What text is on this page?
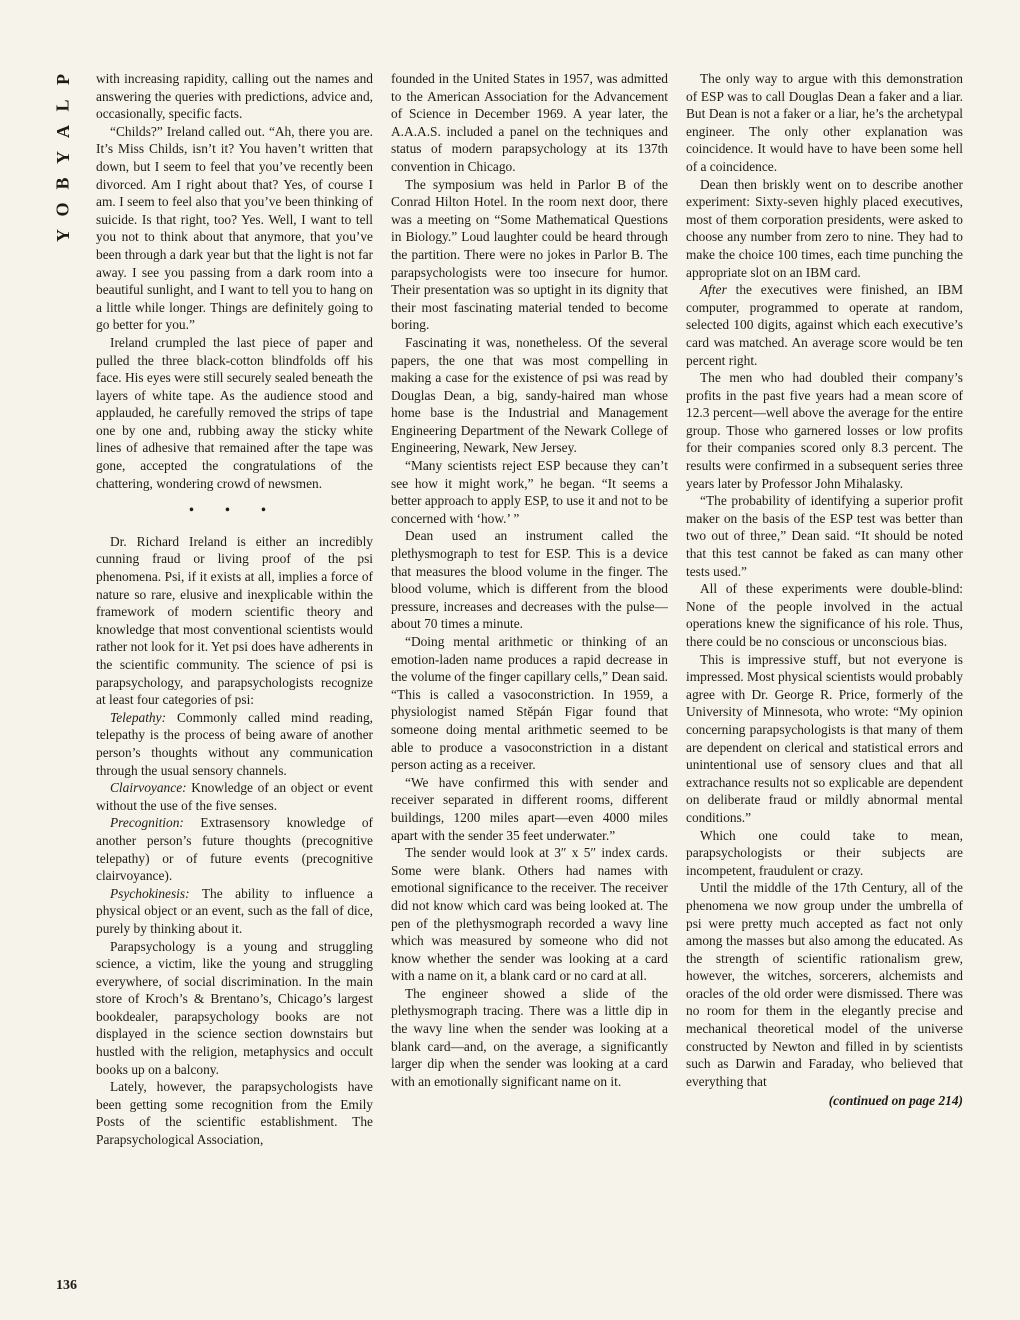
P
L
A
Y
B
O
Y

with increasing rapidity, calling out the names and answering the queries with predictions, advice and, occasionally, specific facts.

“Childs?” Ireland called out. “Ah, there you are. It’s Miss Childs, isn’t it? You haven’t written that down, but I seem to feel that you’ve recently been divorced. Am I right about that? Yes, of course I am. I seem to feel also that you’ve been thinking of suicide. Is that right, too? Yes. Well, I want to tell you not to think about that anymore, that you’ve been through a dark year but that the light is not far away. I see you passing from a dark room into a beautiful sunlight, and I want to tell you to hang on a little while longer. Things are definitely going to go better for you.”

Ireland crumpled the last piece of paper and pulled the three black-cotton blindfolds off his face. His eyes were still securely sealed beneath the layers of white tape. As the audience stood and applauded, he carefully removed the strips of tape one by one and, rubbing away the sticky white lines of adhesive that remained after the tape was gone, accepted the congratulations of the chattering, wondering crowd of newsmen.

• • •

Dr. Richard Ireland is either an incredibly cunning fraud or living proof of the psi phenomena. Psi, if it exists at all, implies a force of nature so rare, elusive and inexplicable within the framework of modern scientific theory and knowledge that most conventional scientists would rather not look for it. Yet psi does have adherents in the scientific community. The science of psi is parapsychology, and parapsychologists recognize at least four categories of psi:

Telepathy: Commonly called mind reading, telepathy is the process of being aware of another person’s thoughts without any communication through the usual sensory channels.

Clairvoyance: Knowledge of an object or event without the use of the five senses.

Precognition: Extrasensory knowledge of another person’s future thoughts (precognitive telepathy) or of future events (precognitive clairvoyance).

Psychokinesis: The ability to influence a physical object or an event, such as the fall of dice, purely by thinking about it.

Parapsychology is a young and struggling science, a victim, like the young and struggling everywhere, of social discrimination. In the main store of Kroch’s & Brentano’s, Chicago’s largest bookdealer, parapsychology books are not displayed in the science section downstairs but hustled with the religion, metaphysics and occult books up on a balcony.

Lately, however, the parapsychologists have been getting some recognition from the Emily Posts of the scientific establishment. The Parapsychological Association,

founded in the United States in 1957, was admitted to the American Association for the Advancement of Science in December 1969. A year later, the A.A.A.S. included a panel on the techniques and status of modern parapsychology at its 137th convention in Chicago.

The symposium was held in Parlor B of the Conrad Hilton Hotel. In the room next door, there was a meeting on “Some Mathematical Questions in Biology.” Loud laughter could be heard through the partition. There were no jokes in Parlor B. The parapsychologists were too insecure for humor. Their presentation was so uptight in its dignity that their most fascinating material tended to become boring.

Fascinating it was, nonetheless. Of the several papers, the one that was most compelling in making a case for the existence of psi was read by Douglas Dean, a big, sandy-haired man whose home base is the Industrial and Management Engineering Department of the Newark College of Engineering, Newark, New Jersey.

“Many scientists reject ESP because they can’t see how it might work,” he began. “It seems a better approach to apply ESP, to use it and not to be concerned with ‘how.’ ”

Dean used an instrument called the plethysmograph to test for ESP. This is a device that measures the blood volume in the finger. The blood volume, which is different from the blood pressure, increases and decreases with the pulse—about 70 times a minute.

“Doing mental arithmetic or thinking of an emotion-laden name produces a rapid decrease in the volume of the finger capillary cells,” Dean said. “This is called a vasoconstriction. In 1959, a physiologist named Stĕpán Figar found that someone doing mental arithmetic seemed to be able to produce a vasoconstriction in a distant person acting as a receiver.

“We have confirmed this with sender and receiver separated in different rooms, different buildings, 1200 miles apart—even 4000 miles apart with the sender 35 feet underwater.”

The sender would look at 3″ x 5″ index cards. Some were blank. Others had names with emotional significance to the receiver. The receiver did not know which card was being looked at. The pen of the plethysmograph recorded a wavy line which was measured by someone who did not know whether the sender was looking at a card with a name on it, a blank card or no card at all.

The engineer showed a slide of the plethysmograph tracing. There was a little dip in the wavy line when the sender was looking at a blank card—and, on the average, a significantly larger dip when the sender was looking at a card with an emotionally significant name on it.

The only way to argue with this demonstration of ESP was to call Douglas Dean a faker and a liar. But Dean is not a faker or a liar, he’s the archetypal engineer. The only other explanation was coincidence. It would have to have been some hell of a coincidence.

Dean then briskly went on to describe another experiment: Sixty-seven highly placed executives, most of them corporation presidents, were asked to choose any number from zero to nine. They had to make the choice 100 times, each time punching the appropriate slot on an IBM card.

After the executives were finished, an IBM computer, programmed to operate at random, selected 100 digits, against which each executive’s card was matched. An average score would be ten percent right.

The men who had doubled their company’s profits in the past five years had a mean score of 12.3 percent—well above the average for the entire group. Those who garnered losses or low profits for their companies scored only 8.3 percent. The results were confirmed in a subsequent series three years later by Professor John Mihalasky.

“The probability of identifying a superior profit maker on the basis of the ESP test was better than two out of three,” Dean said. “It should be noted that this test cannot be faked as can many other tests used.”

All of these experiments were double-blind: None of the people involved in the actual operations knew the significance of his role. Thus, there could be no conscious or unconscious bias.

This is impressive stuff, but not everyone is impressed. Most physical scientists would probably agree with Dr. George R. Price, formerly of the University of Minnesota, who wrote: “My opinion concerning parapsychologists is that many of them are dependent on clerical and statistical errors and unintentional use of sensory clues and that all extrachance results not so explicable are dependent on deliberate fraud or mildly abnormal mental conditions.”

Which one could take to mean, parapsychologists or their subjects are incompetent, fraudulent or crazy.

Until the middle of the 17th Century, all of the phenomena we now group under the umbrella of psi were pretty much accepted as fact not only among the masses but also among the educated. As the strength of scientific rationalism grew, however, the witches, sorcerers, alchemists and oracles of the old order were dismissed. There was no room for them in the elegantly precise and mechanical theoretical model of the universe constructed by Newton and filled in by scientists such as Darwin and Faraday, who believed that everything that

(continued on page 214)
136
